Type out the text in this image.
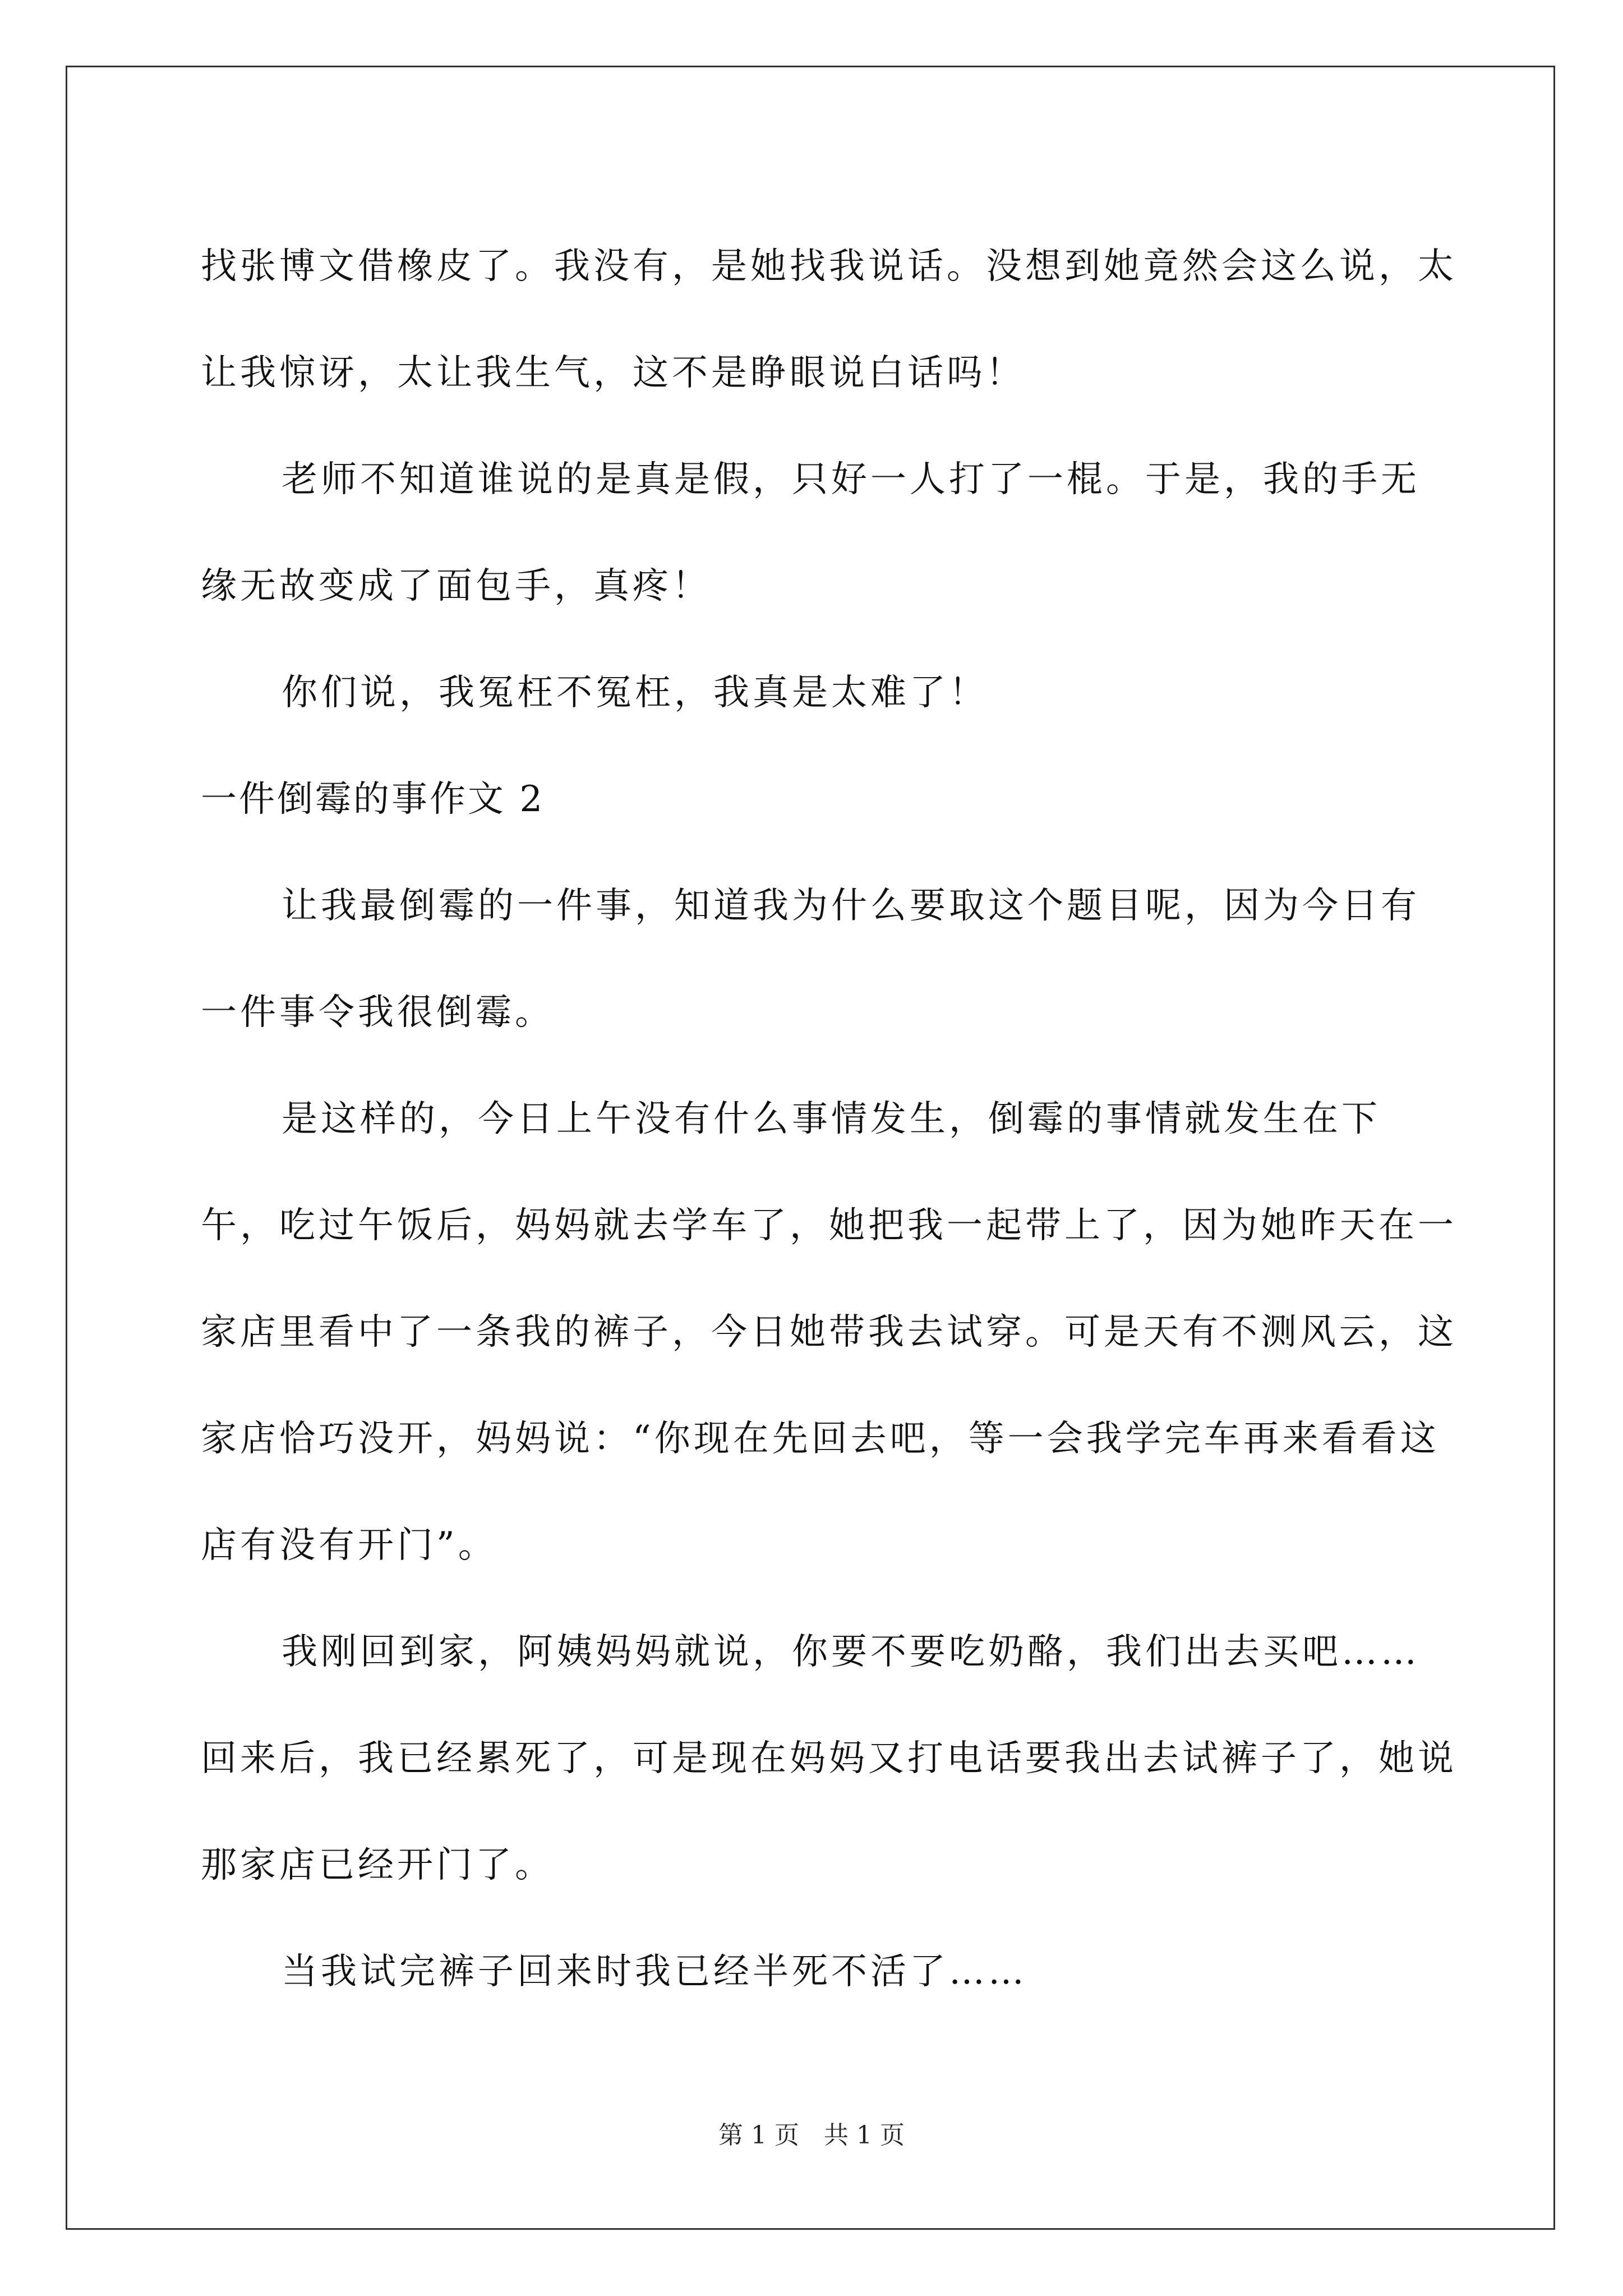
找张博文借橡皮了。我没有，是她找我说话。没想到她竟然会这么说，太让我惊讶，太让我生气，这不是睁眼说白话吗！

老师不知道谁说的是真是假，只好一人打了一棍。于是，我的手无缘无故变成了面包手，真疼！

你们说，我冤枉不冤枉，我真是太难了！

一件倒霉的事作文 2

让我最倒霉的一件事，知道我为什么要取这个题目呢，因为今日有一件事令我很倒霉。

是这样的，今日上午没有什么事情发生，倒霉的事情就发生在下午，吃过午饭后，妈妈就去学车了，她把我一起带上了，因为她昨天在一家店里看中了一条我的裤子，今日她带我去试穿。可是天有不测风云，这家店恰巧没开，妈妈说：“你现在先回去吧，等一会我学完车再来看看这店有没有开门”。

我刚回到家，阿姨妈妈就说，你要不要吃奶酪，我们出去买吧……回来后，我已经累死了，可是现在妈妈又打电话要我出去试裤子了，她说那家店已经开门了。

当我试完裤子回来时我已经半死不活了……

第 1 页　共 1 页
